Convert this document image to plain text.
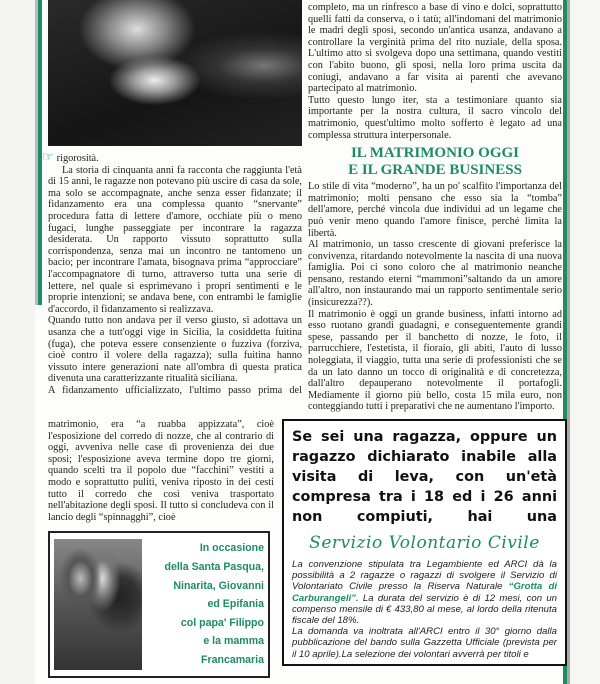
☞ rigorosità.

La storia di cinquanta anni fa racconta che raggiunta l'età di 15 anni, le ragazze non potevano più uscire di casa da sole, ma solo se accompagnate, anche senza esser fidanzate; il fidanzamento era una complessa quanto “snervante” procedura fatta di lettere d'amore, occhiate più o meno fugaci, lunghe passeggiate per incontrare la ragazza desiderata. Un rapporto vissuto soprattutto sulla corrispondenza, senza mai un incontro ne tantomeno un bacio; per incontrare l'amata, bisognava prima “approcciare” l'accompagnatore di turno, attraverso tutta una serie di lettere, nel quale si esprimevano i propri sentimenti e le proprie intenzioni; se andava bene, con entrambi le famiglie d'accordo, il fidanzamento si realizzava.

Quando tutto non andava per il verso giusto, si adottava un usanza che a tutt'oggi vige in Sicilia, la cosiddetta fuitina (fuga), che poteva essere consenziente o fuzziva (forziva, cioè contro il volere della ragazza); sulla fuitina hanno vissuto intere generazioni nate all'ombra di questa pratica divenuta una caratterizzante ritualità siciliana.

A fidanzamento ufficializzato, l'ultimo passo prima del

completo, ma un rinfresco a base di vino e dolci, soprattutto quelli fatti da conserva, o i tatù; all'indomani del matrimonio le madri degli sposi, secondo un'antica usanza, andavano a controllare la verginità prima del rito nuziale, della sposa. L'ultimo atto si svolgeva dopo una settimana, quando vestiti con l'abito buono, gli sposi, nella loro prima uscita da coniugi, andavano a far visita ai parenti che avevano partecipato al matrimonio.

Tutto questo lungo iter, sta a testimoniare quanto sia importante per la nostra cultura, il sacro vincolo del matrimonio, quest'ultimo molto sofferto è legato ad una complessa struttura interpersonale.

IL MATRIMONIO OGGI
E IL GRANDE BUSINESS

Lo stile di vita “moderno”, ha un po' scalfito l'importanza del matrimonio; molti pensano che esso sia la “tomba” dell'amore, perché vincola due individui ad un legame che può venir meno quando l'amore finisce, perché limita la libertà.

Al matrimonio, un tasso crescente di giovani preferisce la convivenza, ritardando notevolmente la nascita di una nuova famiglia. Poi ci sono coloro che al matrimonio neanche pensano, restando eterni “mammoni”saltando da un amore all'altro, non instaurando mai un rapporto sentimentale serio (insicurezza??).

Il matrimonio è oggi un grande business, infatti intorno ad esso ruotano grandi guadagni, e conseguentemente grandi spese, passando per il banchetto di nozze, le foto, il parrucchiere, l'estetista, il fioraio, gli abiti, l'auto di lusso noleggiata, il viaggio, tutta una serie di professionisti che se da un lato danno un tocco di originalità e di concretezza, dall'altro depauperano notevolmente il portafogli. Mediamente il giorno più bello, costa 15 mila euro, non conteggiando tutti i preparativi che ne aumentano l'importo.

matrimonio, era “a ruabba appizzata”, cioè l'esposizione del corredo di nozze, che al contrario di oggi, avveniva nelle case di provenienza dei due sposi; l'esposizione aveva termine dopo tre giorni, quando scelti tra il popolo due “facchini” vestiti a modo e soprattutto puliti, veniva riposto in dei cesti tutto il corredo che così veniva trasportato nell'abitazione degli sposi. Il tutto si concludeva con il lancio degli “spinnagghi”, cioè

In occasione
della Santa Pasqua,
Ninarita, Giovanni
ed Epifania
col papa' Filippo
e la mamma
Francamaria
Se sei una ragazza, oppure un ragazzo dichiarato inabile alla visita di leva, con un'età compresa tra i 18 ed i 26 anni non compiuti, hai una
Servizio Volontario Civile

La convenzione stipulata tra Legambiente ed ARCI dà la possibilità a 2 ragazze o ragazzi di svolgere il Servizio di Volontariato Civile presso la Riserva Naturale “Grotta di Carburangeli”. La durata del servizio è di 12 mesi, con un compenso mensile di € 433,80 al mese, al lordo della ritenuta fiscale del 18%.

La domanda va inoltrata all'ARCI entro il 30° giorno dalla pubblicazione del bando sulla Gazzetta Ufficiale (prevista per il 10 aprile).La selezione dei volontari avverrà per titoli e
